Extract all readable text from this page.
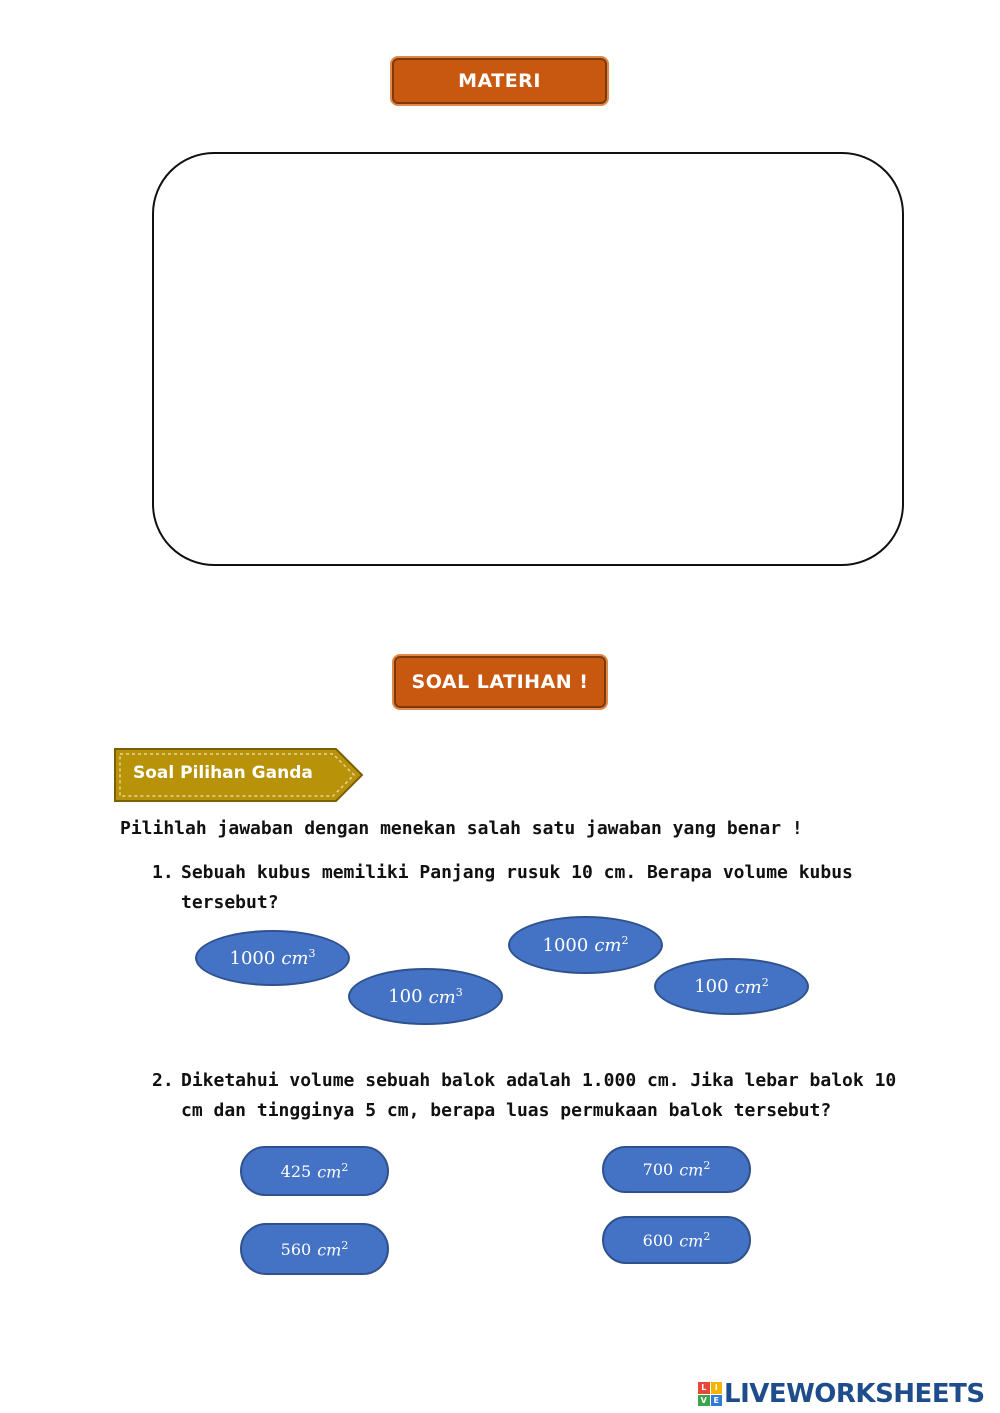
MATERI
SOAL LATIHAN !
Soal Pilihan Ganda
Pilihlah jawaban dengan menekan salah satu jawaban yang benar !
1. Sebuah kubus memiliki Panjang rusuk 10 cm. Berapa volume kubus
tersebut?
1000 $cm^3$
100 $cm^3$
1000 $cm^2$
100 $cm^2$
2. Diketahui volume sebuah balok adalah 1.000 cm. Jika lebar balok 10
cm dan tingginya 5 cm, berapa luas permukaan balok tersebut?
425 $cm^2$
560 $cm^2$
700 $cm^2$
600 $cm^2$
L	I
V E LIVEWORKSHEETS
